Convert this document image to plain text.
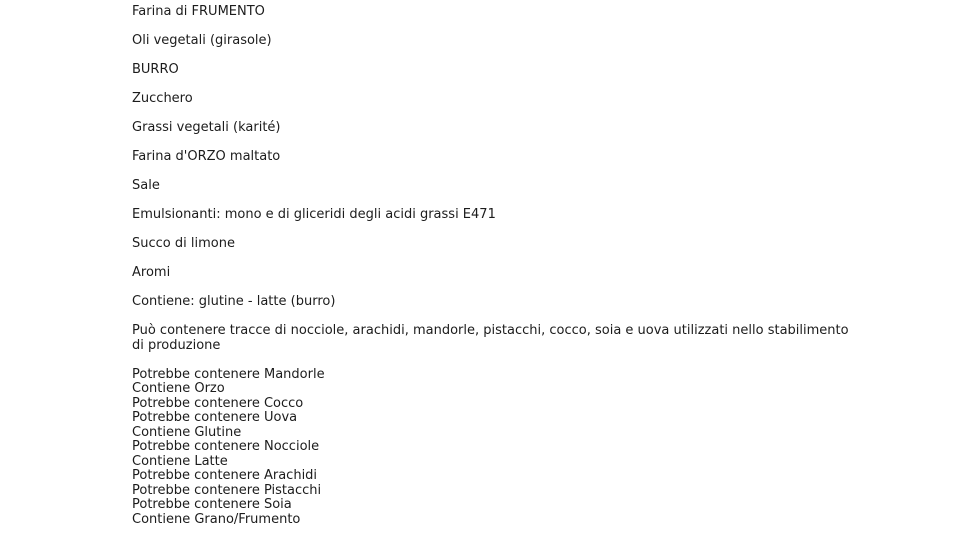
Farina di FRUMENTO

Oli vegetali (girasole)

BURRO

Zucchero

Grassi vegetali (karité)

Farina d'ORZO maltato

Sale

Emulsionanti: mono e di gliceridi degli acidi grassi E471

Succo di limone

Aromi

Contiene: glutine - latte (burro)

Può contenere tracce di nocciole, arachidi, mandorle, pistacchi, cocco, soia e uova utilizzati nello stabilimento di produzione

Potrebbe contenere Mandorle
Contiene Orzo
Potrebbe contenere Cocco
Potrebbe contenere Uova
Contiene Glutine
Potrebbe contenere Nocciole
Contiene Latte
Potrebbe contenere Arachidi
Potrebbe contenere Pistacchi
Potrebbe contenere Soia
Contiene Grano/Frumento
